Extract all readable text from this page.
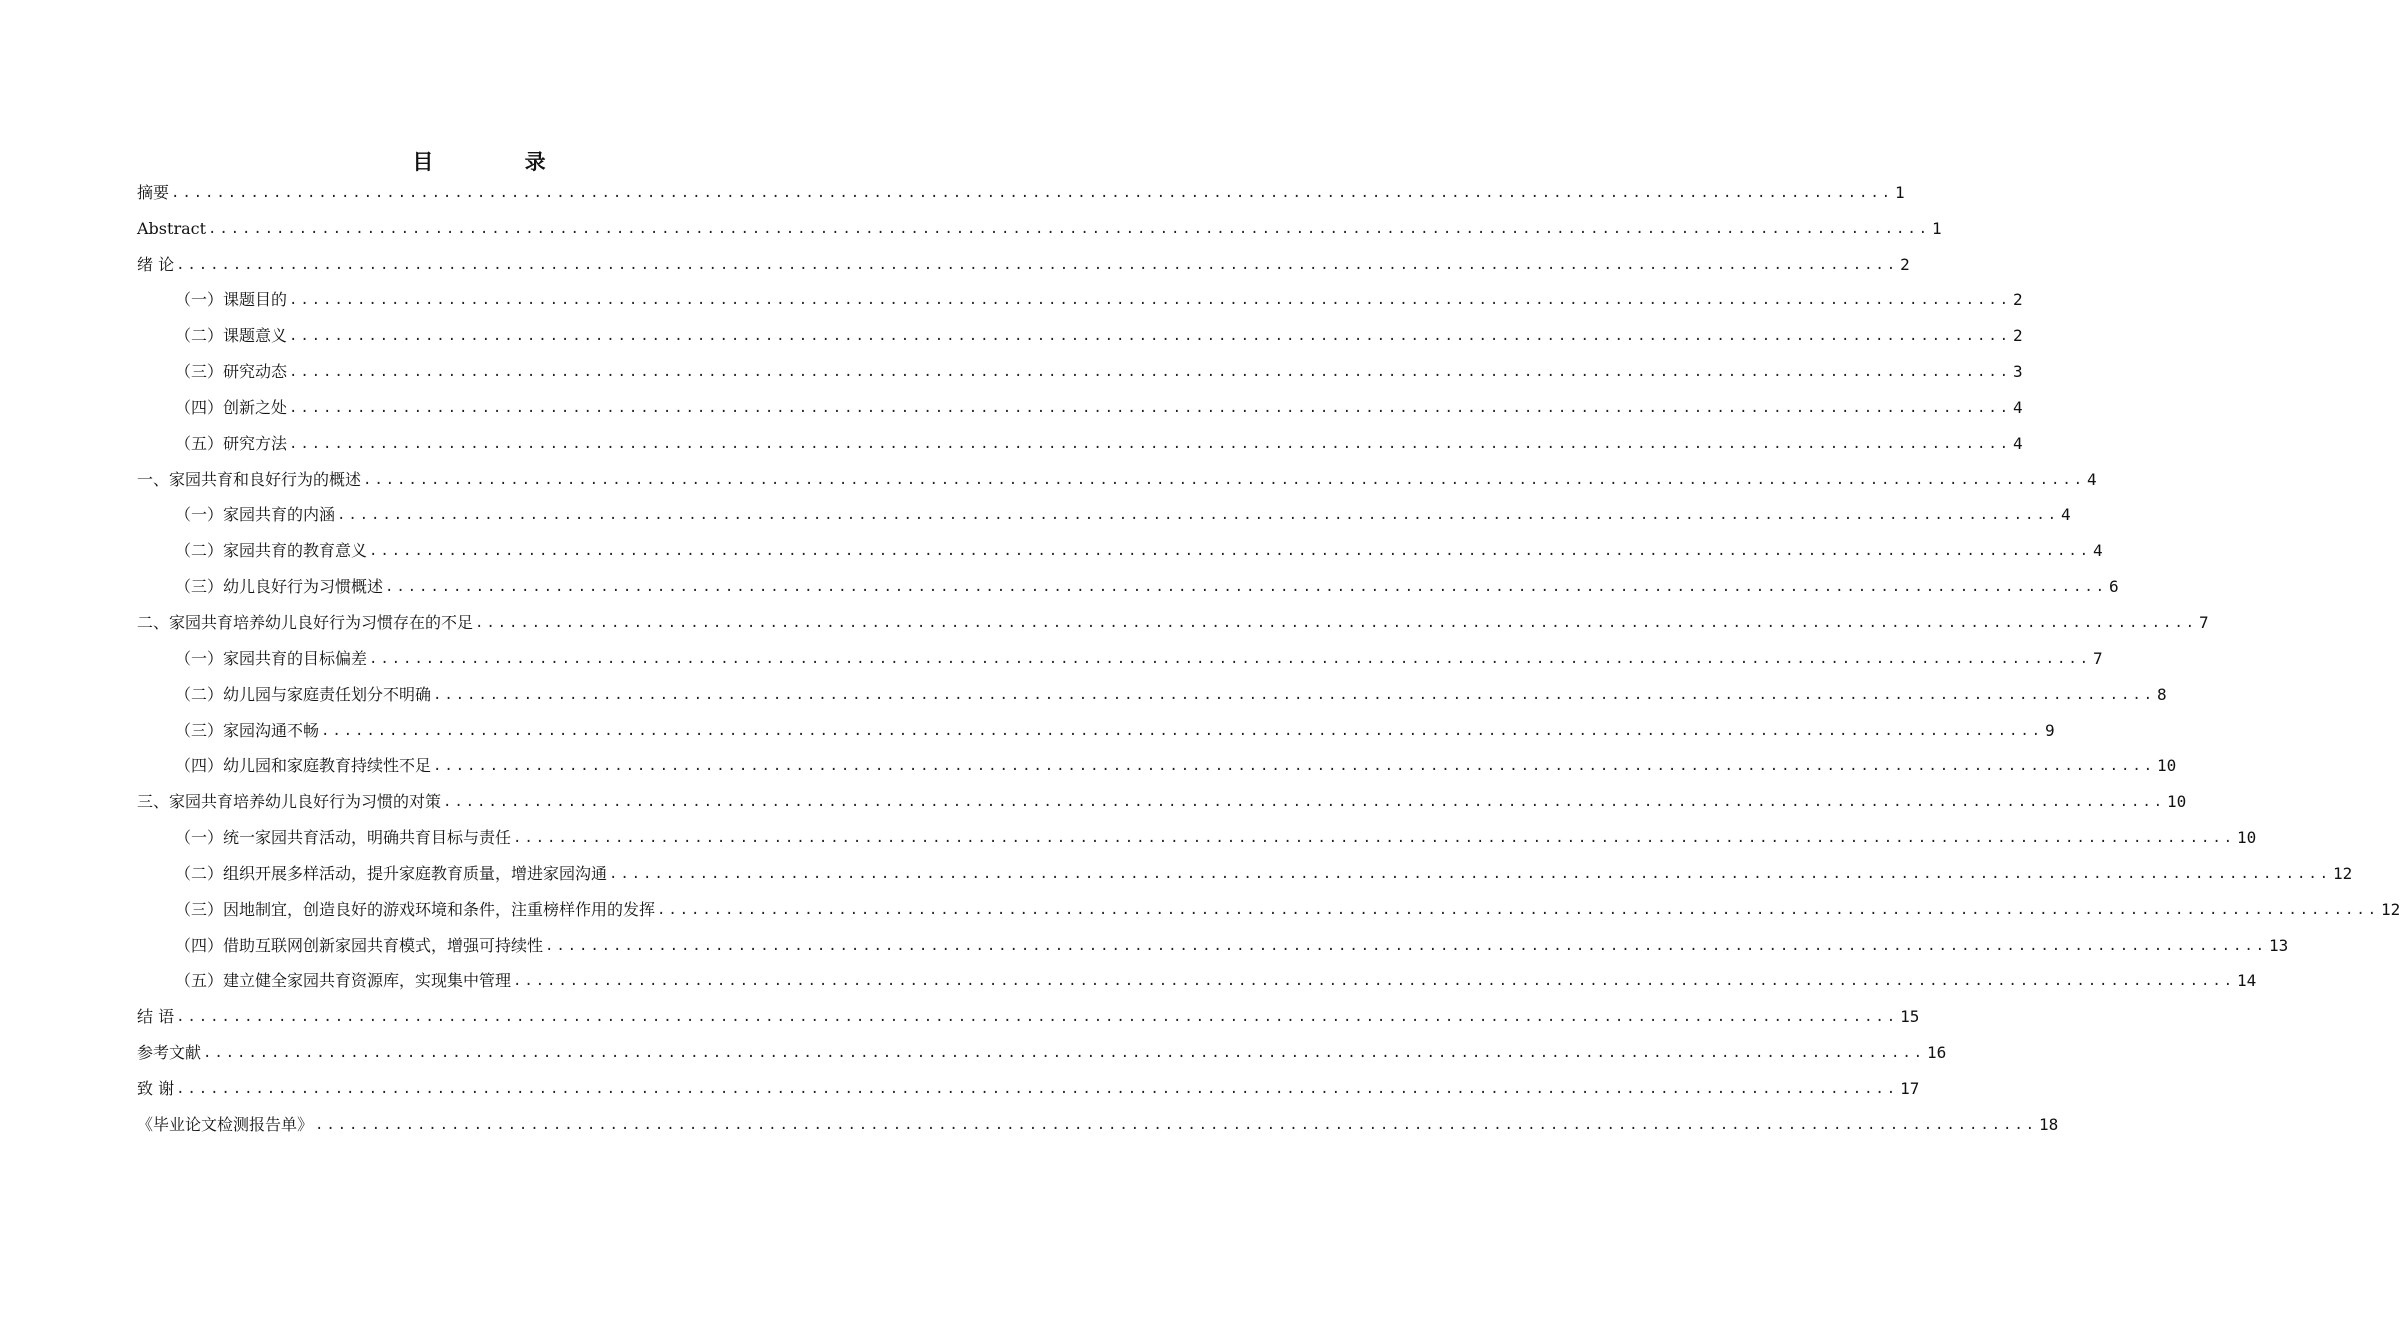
目 录
摘要 ........................................................................................................................................................ 1
Abstract ........................................................................................................................................................ 1
绪 论 ........................................................................................................................................................ 2
（一）课题目的 ........................................................................................................................................................ 2
（二）课题意义 ........................................................................................................................................................ 2
（三）研究动态 ........................................................................................................................................................ 3
（四）创新之处 ........................................................................................................................................................ 4
（五）研究方法 ........................................................................................................................................................ 4
一、家园共育和良好行为的概述 ........................................................................................................................................................ 4
（一）家园共育的内涵 ........................................................................................................................................................ 4
（二）家园共育的教育意义 ........................................................................................................................................................ 4
（三）幼儿良好行为习惯概述 ........................................................................................................................................................ 6
二、家园共育培养幼儿良好行为习惯存在的不足 ........................................................................................................................................................ 7
（一）家园共育的目标偏差 ........................................................................................................................................................ 7
（二）幼儿园与家庭责任划分不明确 ........................................................................................................................................................ 8
（三）家园沟通不畅 ........................................................................................................................................................ 9
（四）幼儿园和家庭教育持续性不足 ........................................................................................................................................................ 10
三、家园共育培养幼儿良好行为习惯的对策 ........................................................................................................................................................ 10
（一）统一家园共育活动，明确共育目标与责任 ........................................................................................................................................................ 10
（二）组织开展多样活动，提升家庭教育质量，增进家园沟通 ........................................................................................................................................................ 12
（三）因地制宜，创造良好的游戏环境和条件，注重榜样作用的发挥 ........................................................................................................................................................ 12
（四）借助互联网创新家园共育模式，增强可持续性 ........................................................................................................................................................ 13
（五）建立健全家园共育资源库，实现集中管理 ........................................................................................................................................................ 14
结 语 ........................................................................................................................................................ 15
参考文献 ........................................................................................................................................................ 16
致 谢 ........................................................................................................................................................ 17
《毕业论文检测报告单》 ........................................................................................................................................................ 18
